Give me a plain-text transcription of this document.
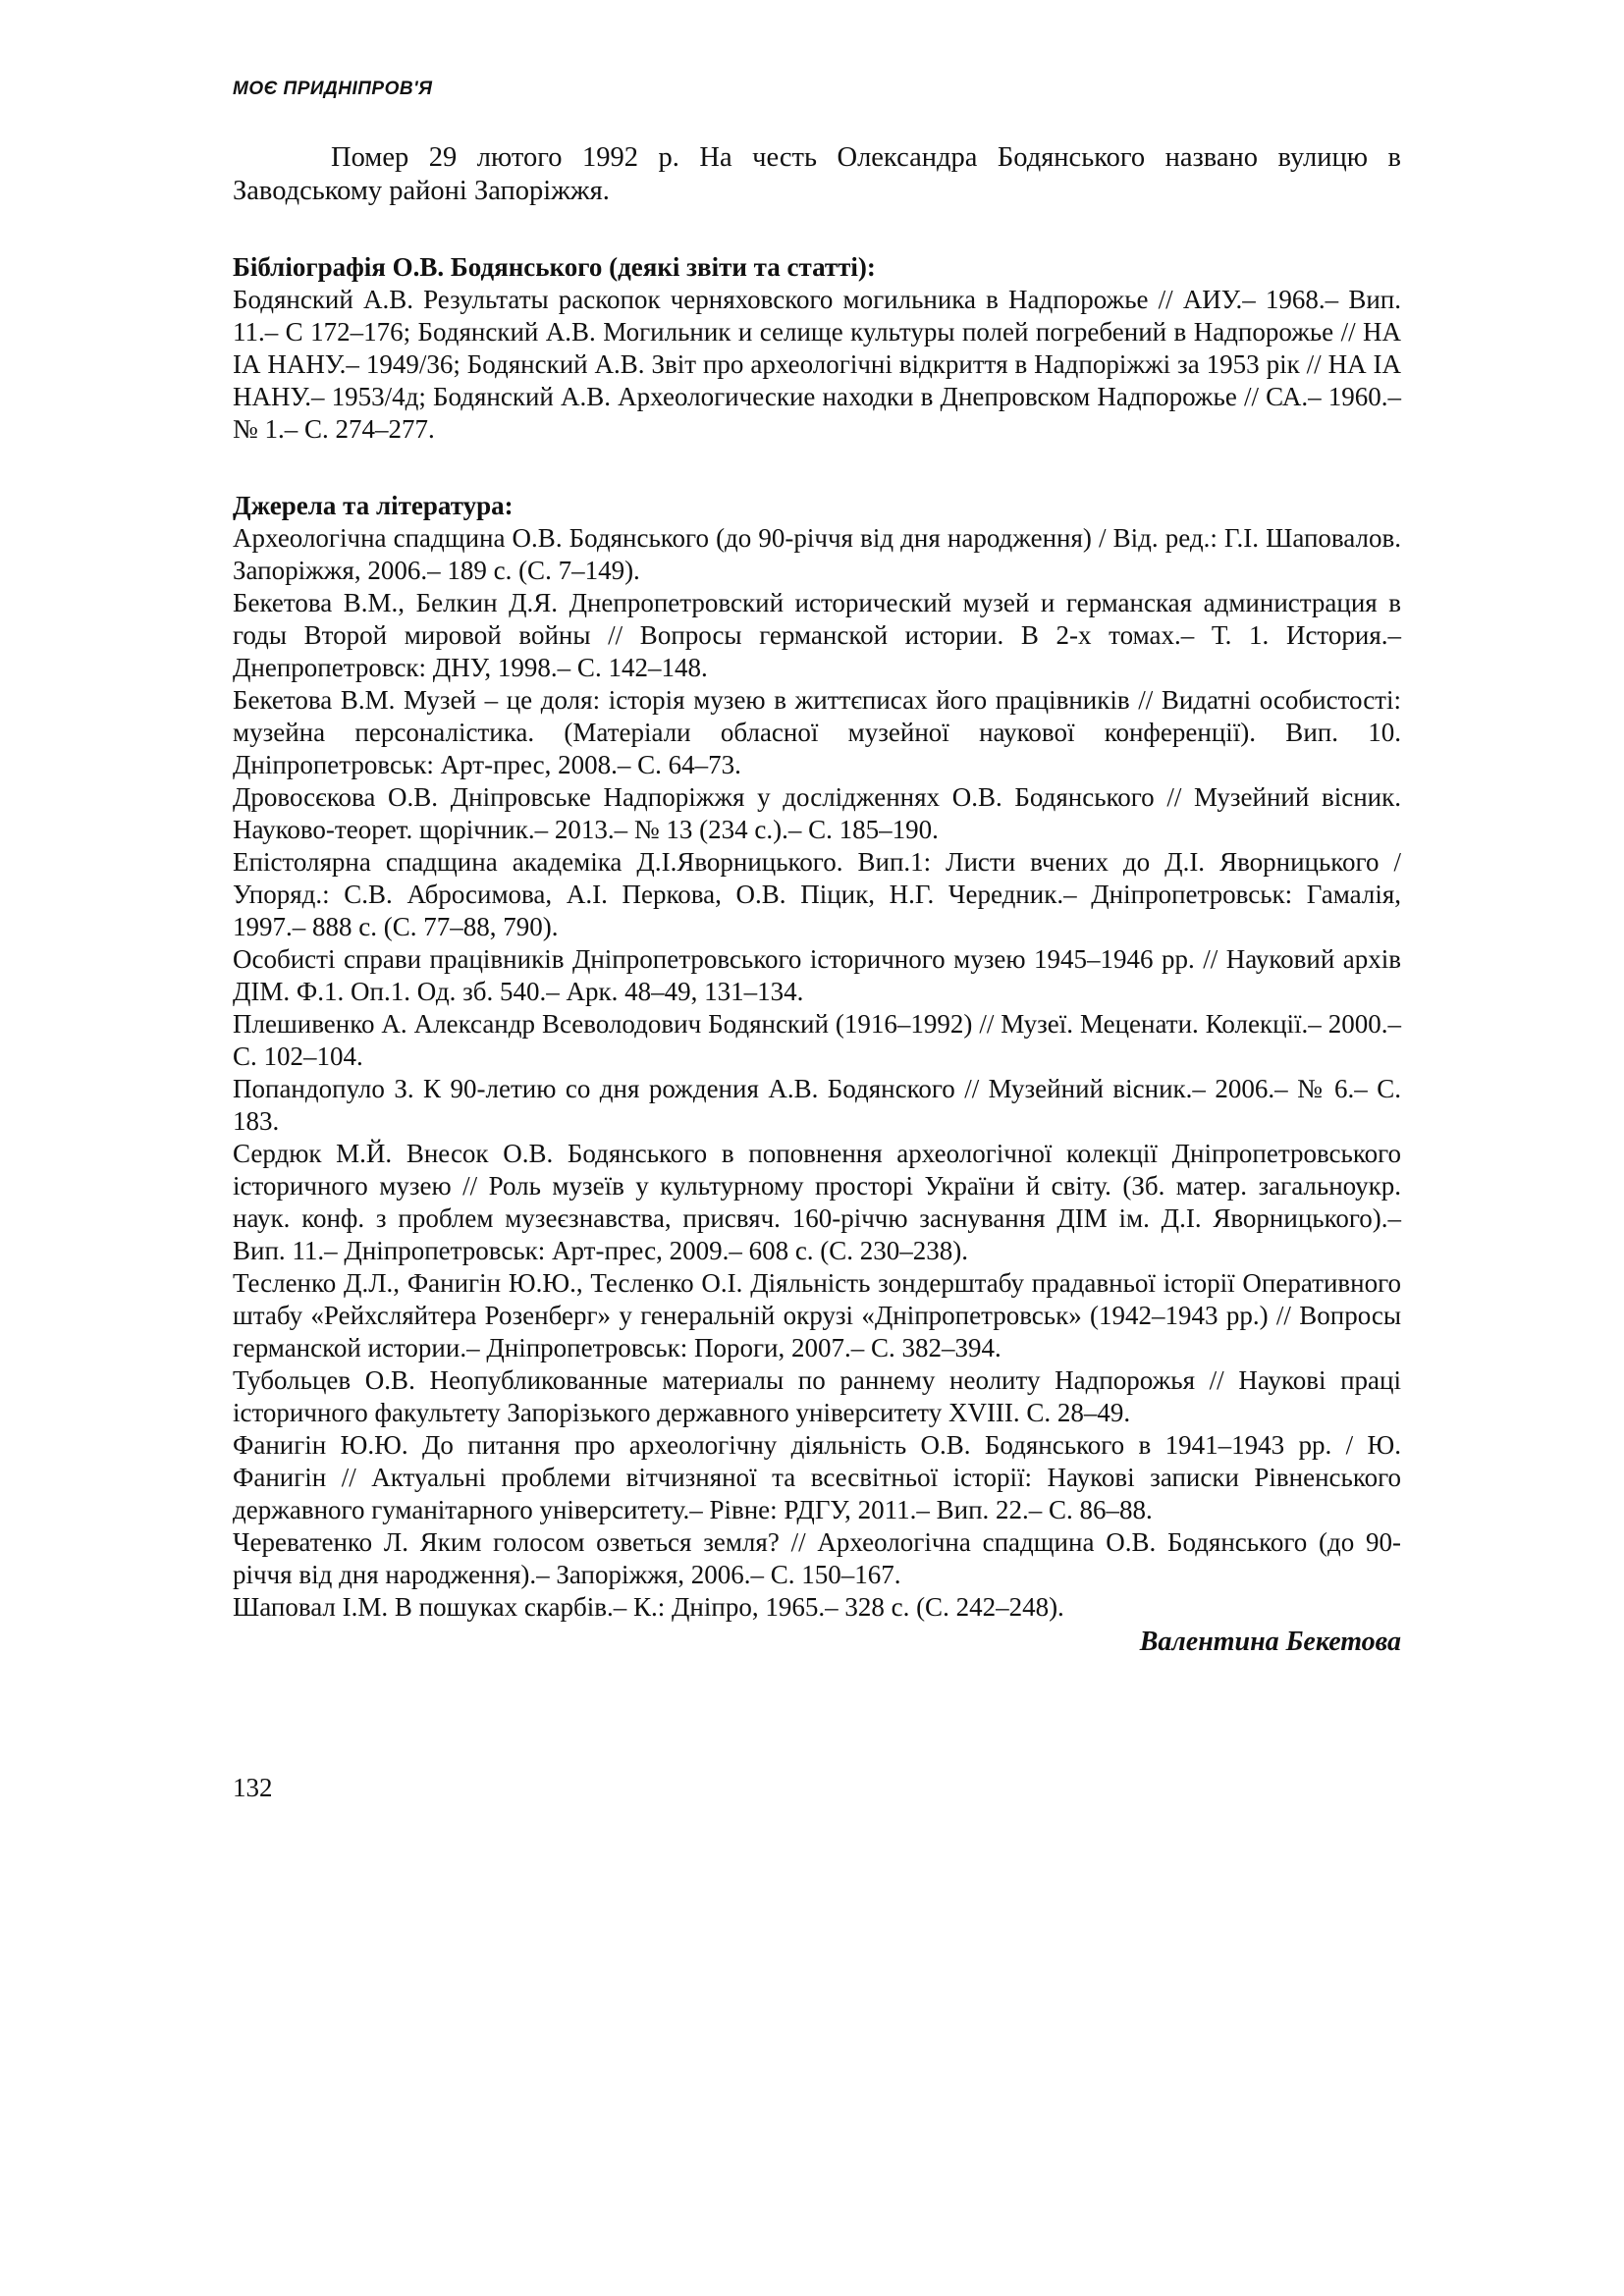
МОЄ ПРИДНІПРОВ'Я

Помер 29 лютого 1992 р. На честь Олександра Бодянського названо вулицю в Заводському районі Запоріжжя.

Бібліографія О.В. Бодянського (деякі звіти та статті):

Бодянский А.В. Результаты раскопок черняховского могильника в Надпорожье // АИУ.– 1968.– Вип. 11.– С 172–176; Бодянский А.В. Могильник и селище культуры полей погребений в Надпорожье // НА ІА НАНУ.– 1949/36; Бодянский А.В. Звіт про археологічні відкриття в Надпоріжжі за 1953 рік // НА ІА НАНУ.– 1953/4д; Бодянский А.В. Археологические находки в Днепровском Надпорожье // СА.– 1960.– № 1.– С. 274–277.

Джерела та література:

Археологічна спадщина О.В. Бодянського (до 90-річчя від дня народження) / Від. ред.: Г.І. Шаповалов. Запоріжжя, 2006.– 189 с. (С. 7–149).

Бекетова В.М., Белкин Д.Я. Днепропетровский исторический музей и германская администрация в годы Второй мировой войны // Вопросы германской истории. В 2-х томах.– Т. 1. История.– Днепропетровск: ДНУ, 1998.– С. 142–148.

Бекетова В.М. Музей – це доля: історія музею в життєписах його працівників // Видатні особистості: музейна персоналістика. (Матеріали обласної музейної наукової конференції). Вип. 10. Дніпропетровськ: Арт-прес, 2008.– С. 64–73.

Дровосєкова О.В. Дніпровське Надпоріжжя у дослідженнях О.В. Бодянського // Музейний вісник. Науково-теорет. щорічник.– 2013.– № 13 (234 с.).– С. 185–190.

Епістолярна спадщина академіка Д.І.Яворницького. Вип.1: Листи вчених до Д.І. Яворницького / Упоряд.: С.В. Абросимова, А.І. Перкова, О.В. Піцик, Н.Г. Чередник.– Дніпропетровськ: Гамалія, 1997.– 888 с. (С. 77–88, 790).

Особисті справи працівників Дніпропетровського історичного музею 1945–1946 рр. // Науковий архів ДІМ. Ф.1. Оп.1. Од. зб. 540.– Арк. 48–49, 131–134.

Плешивенко А. Александр Всеволодович Бодянский (1916–1992) // Музеї. Меценати. Колекції.– 2000.– С. 102–104.

Попандопуло З. К 90-летию со дня рождения А.В. Бодянского // Музейний вісник.– 2006.– № 6.– С. 183.

Сердюк М.Й. Внесок О.В. Бодянського в поповнення археологічної колекції Дніпропетровського історичного музею // Роль музеїв у культурному просторі України й світу. (Зб. матер. загальноукр. наук. конф. з проблем музеєзнавства, присвяч. 160-річчю заснування ДІМ ім. Д.І. Яворницького).– Вип. 11.– Дніпропетровськ: Арт-прес, 2009.– 608 с. (С. 230–238).

Тесленко Д.Л., Фанигін Ю.Ю., Тесленко О.І. Діяльність зондерштабу прадавньої історії Оперативного штабу «Рейхсляйтера Розенберг» у генеральній окрузі «Дніпропетровськ» (1942–1943 рр.) // Вопросы германской истории.– Дніпропетровськ: Пороги, 2007.– С. 382–394.

Тубольцев О.В. Неопубликованные материалы по раннему неолиту Надпорожья // Наукові праці історичного факультету Запорізького державного університету XVIII. С. 28–49.

Фанигін Ю.Ю. До питання про археологічну діяльність О.В. Бодянського в 1941–1943 рр. / Ю. Фанигін // Актуальні проблеми вітчизняної та всесвітньої історії: Наукові записки Рівненського державного гуманітарного університету.– Рівне: РДГУ, 2011.– Вип. 22.– С. 86–88.

Череватенко Л. Яким голосом озветься земля? // Археологічна спадщина О.В. Бодянського (до 90-річчя від дня народження).– Запоріжжя, 2006.– С. 150–167.

Шаповал І.М. В пошуках скарбів.– К.: Дніпро, 1965.– 328 с. (С. 242–248).

Валентина Бекетова

132
